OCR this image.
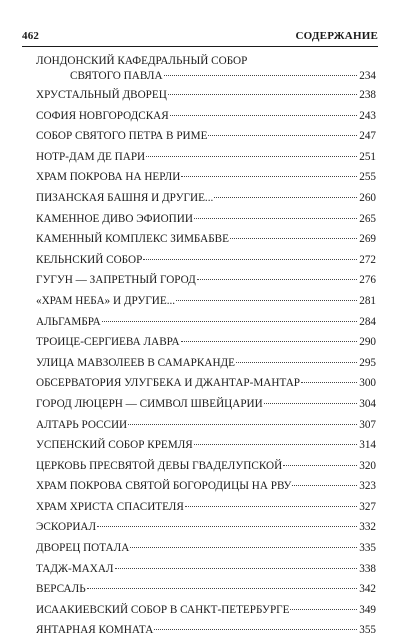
462	СОДЕРЖАНИЕ
ЛОНДОНСКИЙ КАФЕДРАЛЬНЫЙ СОБОР
СВЯТОГО ПАВЛА	234
ХРУСТАЛЬНЫЙ ДВОРЕЦ	238
СОФИЯ НОВГОРОДСКАЯ	243
СОБОР СВЯТОГО ПЕТРА В РИМЕ	247
НОТР-ДАМ ДЕ ПАРИ	251
ХРАМ ПОКРОВА НА НЕРЛИ	255
ПИЗАНСКАЯ БАШНЯ И ДРУГИЕ...	260
КАМЕННОЕ ДИВО ЭФИОПИИ	265
КАМЕННЫЙ КОМПЛЕКС ЗИМБАБВЕ	269
КЕЛЬНСКИЙ СОБОР	272
ГУГУН — ЗАПРЕТНЫЙ ГОРОД	276
«ХРАМ НЕБА» И ДРУГИЕ...	281
АЛЬГАМБРА	284
ТРОИЦЕ-СЕРГИЕВА ЛАВРА	290
УЛИЦА МАВЗОЛЕЕВ В САМАРКАНДЕ	295
ОБСЕРВАТОРИЯ УЛУГБЕКА И ДЖАНТАР-МАНТАР	300
ГОРОД ЛЮЦЕРН — СИМВОЛ ШВЕЙЦАРИИ	304
АЛТАРЬ РОССИИ	307
УСПЕНСКИЙ СОБОР КРЕМЛЯ	314
ЦЕРКОВЬ ПРЕСВЯТОЙ ДЕВЫ ГВАДЕЛУПСКОЙ	320
ХРАМ ПОКРОВА СВЯТОЙ БОГОРОДИЦЫ НА РВУ	323
ХРАМ ХРИСТА СПАСИТЕЛЯ	327
ЭСКОРИАЛ	332
ДВОРЕЦ ПОТАЛА	335
ТАДЖ-МАХАЛ	338
ВЕРСАЛЬ	342
ИСААКИЕВСКИЙ СОБОР В САНКТ-ПЕТЕРБУРГЕ	349
ЯНТАРНАЯ КОМНАТА	355
